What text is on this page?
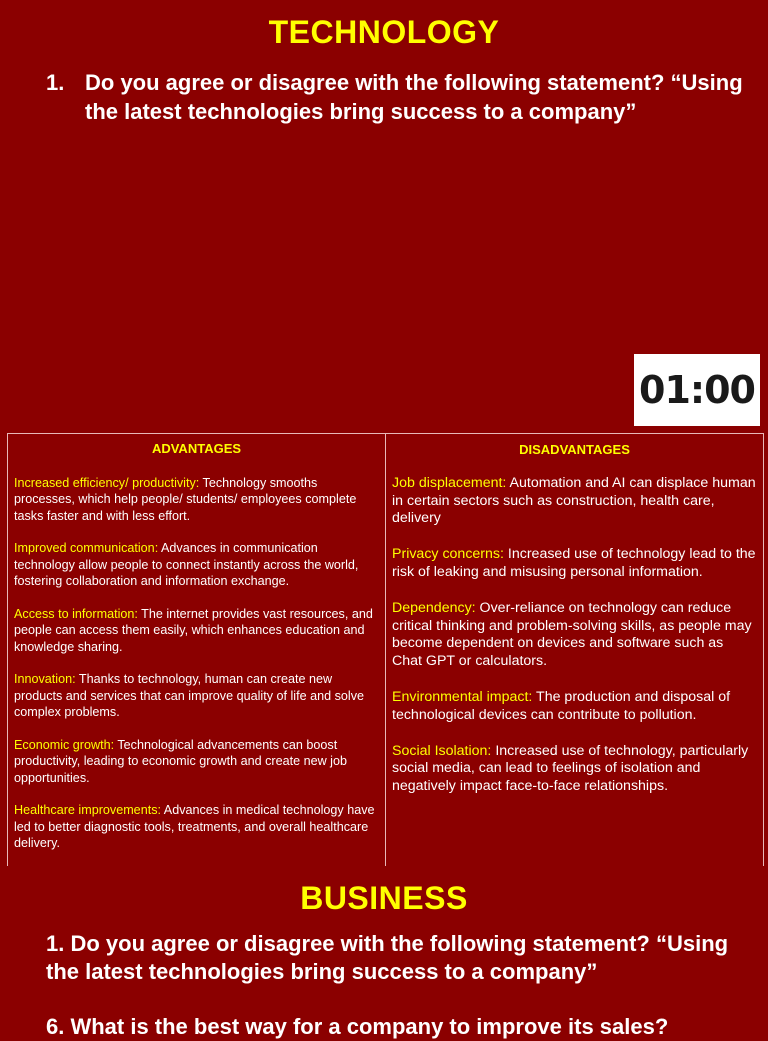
TECHNOLOGY
1. Do you agree or disagree with the following statement? “Using the latest technologies bring success to a company”
01:00
ADVANTAGES
Increased efficiency/ productivity: Technology smooths processes, which help people/ students/ employees complete tasks faster and with less effort.
Improved communication: Advances in communication technology allow people to connect instantly across the world, fostering collaboration and information exchange.
Access to information: The internet provides vast resources, and people can access them easily, which enhances education and knowledge sharing.
Innovation: Thanks to technology, human can create new products and services that can improve quality of life and solve complex problems.
Economic growth: Technological advancements can boost productivity, leading to economic growth and create new job opportunities.
Healthcare improvements: Advances in medical technology have led to better diagnostic tools, treatments, and overall healthcare delivery.
DISADVANTAGES
Job displacement: Automation and AI can displace human in certain sectors such as construction, health care, delivery
Privacy concerns: Increased use of technology lead to the risk of leaking and misusing personal information.
Dependency: Over-reliance on technology can reduce critical thinking and problem-solving skills, as people may become dependent on devices and software such as Chat GPT or calculators.
Environmental impact: The production and disposal of technological devices can contribute to pollution.
Social Isolation: Increased use of technology, particularly social media, can lead to feelings of isolation and negatively impact face-to-face relationships.
BUSINESS
1. Do you agree or disagree with the following statement? “Using the latest technologies bring success to a company”
6. What is the best way for a company to improve its sales?
